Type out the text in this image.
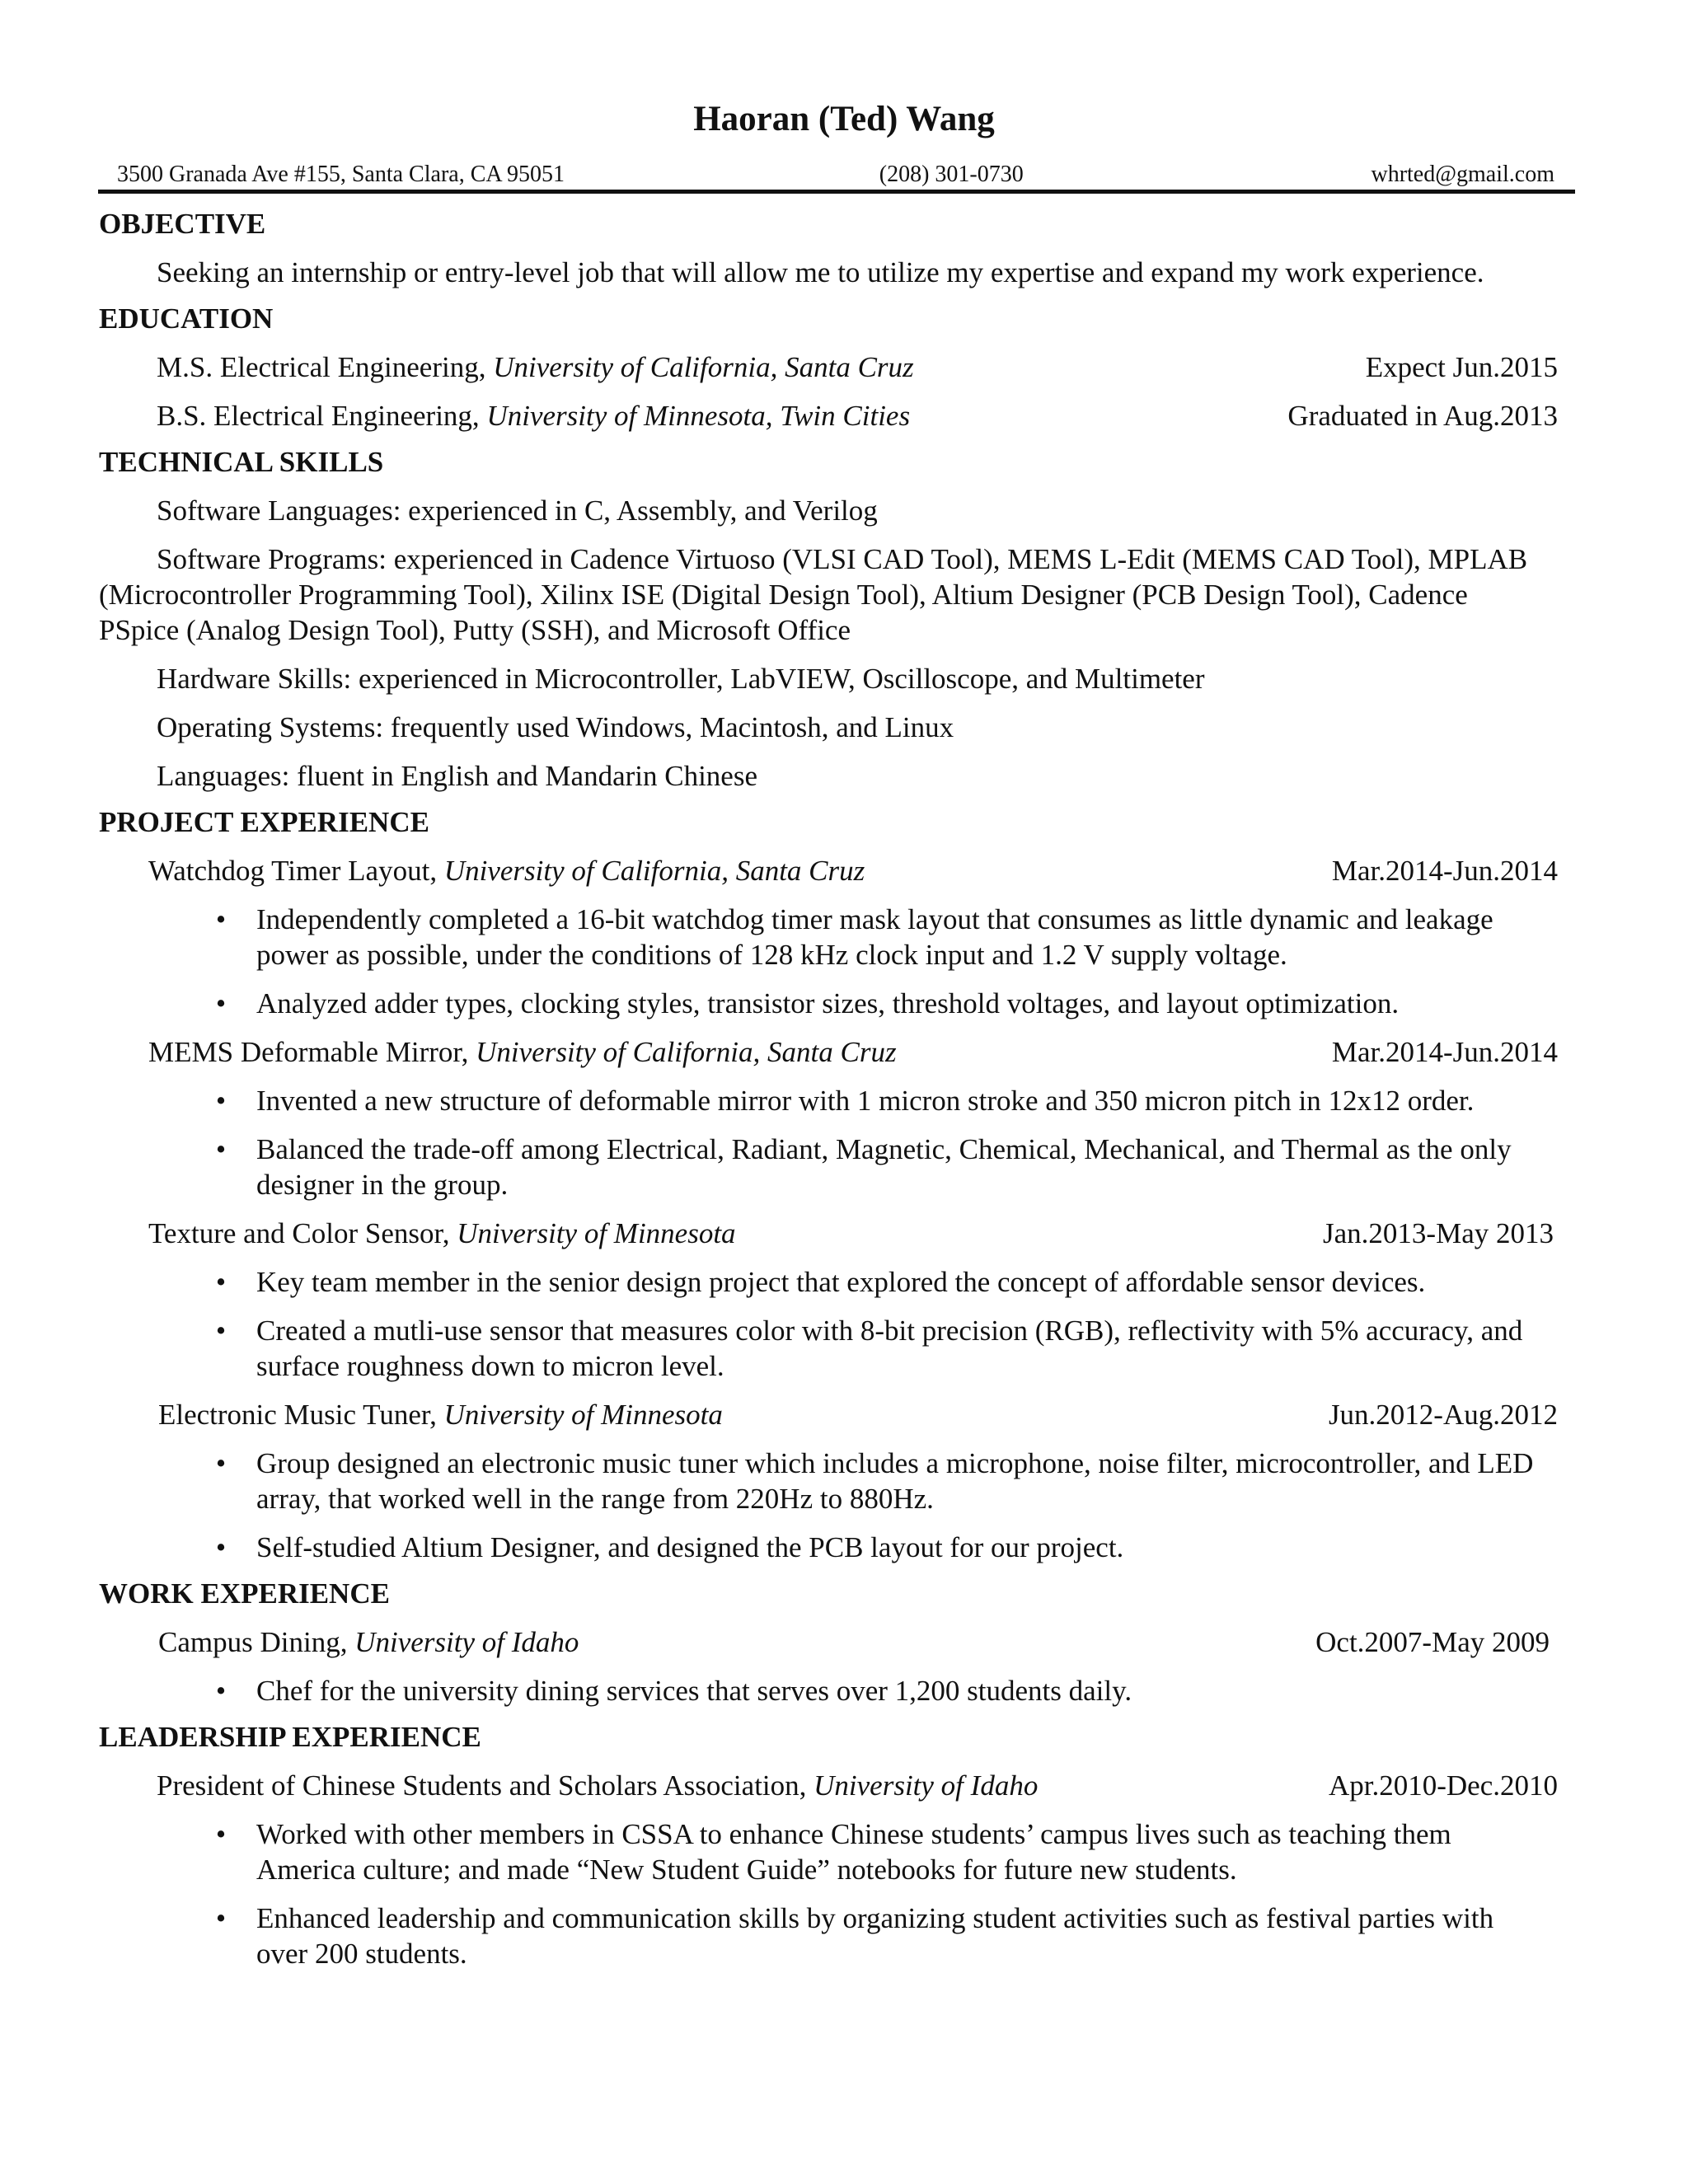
Haoran (Ted) Wang
3500 Granada Ave #155, Santa Clara, CA 95051	(208) 301-0730	whrted@gmail.com
OBJECTIVE
Seeking an internship or entry-level job that will allow me to utilize my expertise and expand my work experience.
EDUCATION
M.S. Electrical Engineering, University of California, Santa Cruz	Expect Jun.2015
B.S. Electrical Engineering, University of Minnesota, Twin Cities	Graduated in Aug.2013
TECHNICAL SKILLS
Software Languages: experienced in C, Assembly, and Verilog
Software Programs: experienced in Cadence Virtuoso (VLSI CAD Tool), MEMS L-Edit (MEMS CAD Tool), MPLAB (Microcontroller Programming Tool), Xilinx ISE (Digital Design Tool), Altium Designer (PCB Design Tool), Cadence PSpice (Analog Design Tool), Putty (SSH), and Microsoft Office
Hardware Skills: experienced in Microcontroller, LabVIEW, Oscilloscope, and Multimeter
Operating Systems: frequently used Windows, Macintosh, and Linux
Languages: fluent in English and Mandarin Chinese
PROJECT EXPERIENCE
Watchdog Timer Layout, University of California, Santa Cruz	Mar.2014-Jun.2014
•	Independently completed a 16-bit watchdog timer mask layout that consumes as little dynamic and leakage power as possible, under the conditions of 128 kHz clock input and 1.2 V supply voltage.
•	Analyzed adder types, clocking styles, transistor sizes, threshold voltages, and layout optimization.
MEMS Deformable Mirror, University of California, Santa Cruz	Mar.2014-Jun.2014
•	Invented a new structure of deformable mirror with 1 micron stroke and 350 micron pitch in 12x12 order.
•	Balanced the trade-off among Electrical, Radiant, Magnetic, Chemical, Mechanical, and Thermal as the only designer in the group.
Texture and Color Sensor, University of Minnesota	Jan.2013-May 2013
•	Key team member in the senior design project that explored the concept of affordable sensor devices.
•	Created a mutli-use sensor that measures color with 8-bit precision (RGB), reflectivity with 5% accuracy, and surface roughness down to micron level.
Electronic Music Tuner, University of Minnesota	Jun.2012-Aug.2012
•	Group designed an electronic music tuner which includes a microphone, noise filter, microcontroller, and LED array, that worked well in the range from 220Hz to 880Hz.
•	Self-studied Altium Designer, and designed the PCB layout for our project.
WORK EXPERIENCE
Campus Dining, University of Idaho	Oct.2007-May 2009
•	Chef for the university dining services that serves over 1,200 students daily.
LEADERSHIP EXPERIENCE
President of Chinese Students and Scholars Association, University of Idaho	Apr.2010-Dec.2010
•	Worked with other members in CSSA to enhance Chinese students’ campus lives such as teaching them America culture; and made “New Student Guide” notebooks for future new students.
•	Enhanced leadership and communication skills by organizing student activities such as festival parties with over 200 students.
